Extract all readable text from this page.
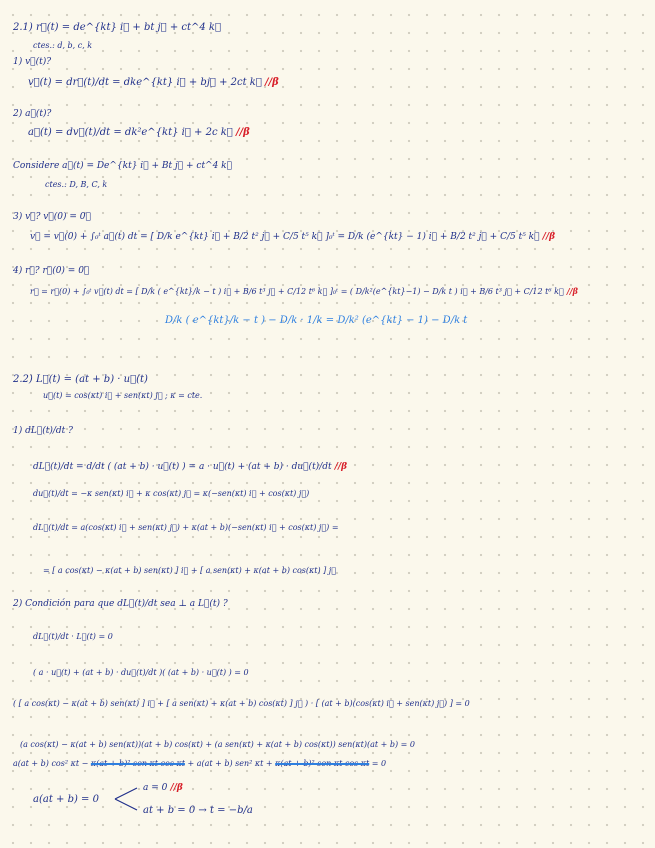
2.1) r⃗(t) = de^{kt} i⃗ + bt j⃗ + ct^4 k⃗
ctes.: d, b, c, k
1) v⃗(t)?
v⃗(t) = dr⃗(t)/dt = dke^{kt} i⃗ + bj⃗ + 2ct k⃗ //β
2) a⃗(t)?
a⃗(t) = dv⃗(t)/dt = dk²e^{kt} i⃗ + 2c k⃗ //β
Considere a⃗(t) = De^{kt} i⃗ + Bt j⃗ + ct^4 k⃗
ctes.: D, B, C, k
3) v⃗? v⃗(0) = 0⃗
v⃗ = v⃗(0) + ∫₀ᵗ a⃗(t) dt = [ D/k e^{kt} i⃗ + B/2 t² j⃗ + C/5 t⁵ k⃗ ]₀ᵗ = D/k (e^{kt} − 1) i⃗ + B/2 t² j⃗ + C/5 t⁵ k⃗ //β
4) r⃗? r⃗(0) = 0⃗
r⃗ = r⃗(0) + ∫₀ᵗ v⃗(t) dt = [ D/k ( e^{kt}/k − t ) i⃗ + B/6 t³ j⃗ + C/12 t⁶ k⃗ ]₀ᵗ = ( D/k²(e^{kt}−1) − D/k t ) i⃗ + B/6 t³ j⃗ + C/12 t⁶ k⃗ //β
D/k ( e^{kt}/k − t ) − D/k · 1/k = D/k² (e^{kt} − 1) − D/k t
2.2) L⃗(t) = (at + b) · u⃗(t)
u⃗(t) = cos(κt) i⃗ + sen(κt) j⃗ ; κ = cte.
1) dL⃗(t)/dt ?
dL⃗(t)/dt = d/dt ( (at + b) · u⃗(t) ) = a · u⃗(t) + (at + b) · du⃗(t)/dt //β
du⃗(t)/dt = −κ sen(κt) i⃗ + κ cos(κt) j⃗ = κ(−sen(κt) i⃗ + cos(κt) j⃗)
dL⃗(t)/dt = a(cos(κt) i⃗ + sen(κt) j⃗) + κ(at + b)(−sen(κt) i⃗ + cos(κt) j⃗) =
= [ a cos(κt) − κ(at + b) sen(κt) ] i⃗ + [ a sen(κt) + κ(at + b) cos(κt) ] j⃗
2) Condición para que dL⃗(t)/dt sea ⊥ a L⃗(t) ?
dL⃗(t)/dt · L⃗(t) = 0
( a · u⃗(t) + (at + b) · du⃗(t)/dt )( (at + b) · u⃗(t) ) = 0
( [ a cos(κt) − κ(at + b) sen(κt) ] i⃗ + [ a sen(κt) + κ(at + b) cos(κt) ] j⃗ ) · [ (at + b)(cos(κt) i⃗ + sen(κt) j⃗) ] = 0
(a cos(κt) − κ(at + b) sen(κt))(at + b) cos(κt) + (a sen(κt) + κ(at + b) cos(κt)) sen(κt)(at + b) = 0
a(at + b) cos² κt − κ(at + b)² sen κt cos κt + a(at + b) sen² κt + κ(at + b)² sen κt cos κt = 0
a(at + b) = 0
a = 0 //β
at + b = 0 → t = −b/a
